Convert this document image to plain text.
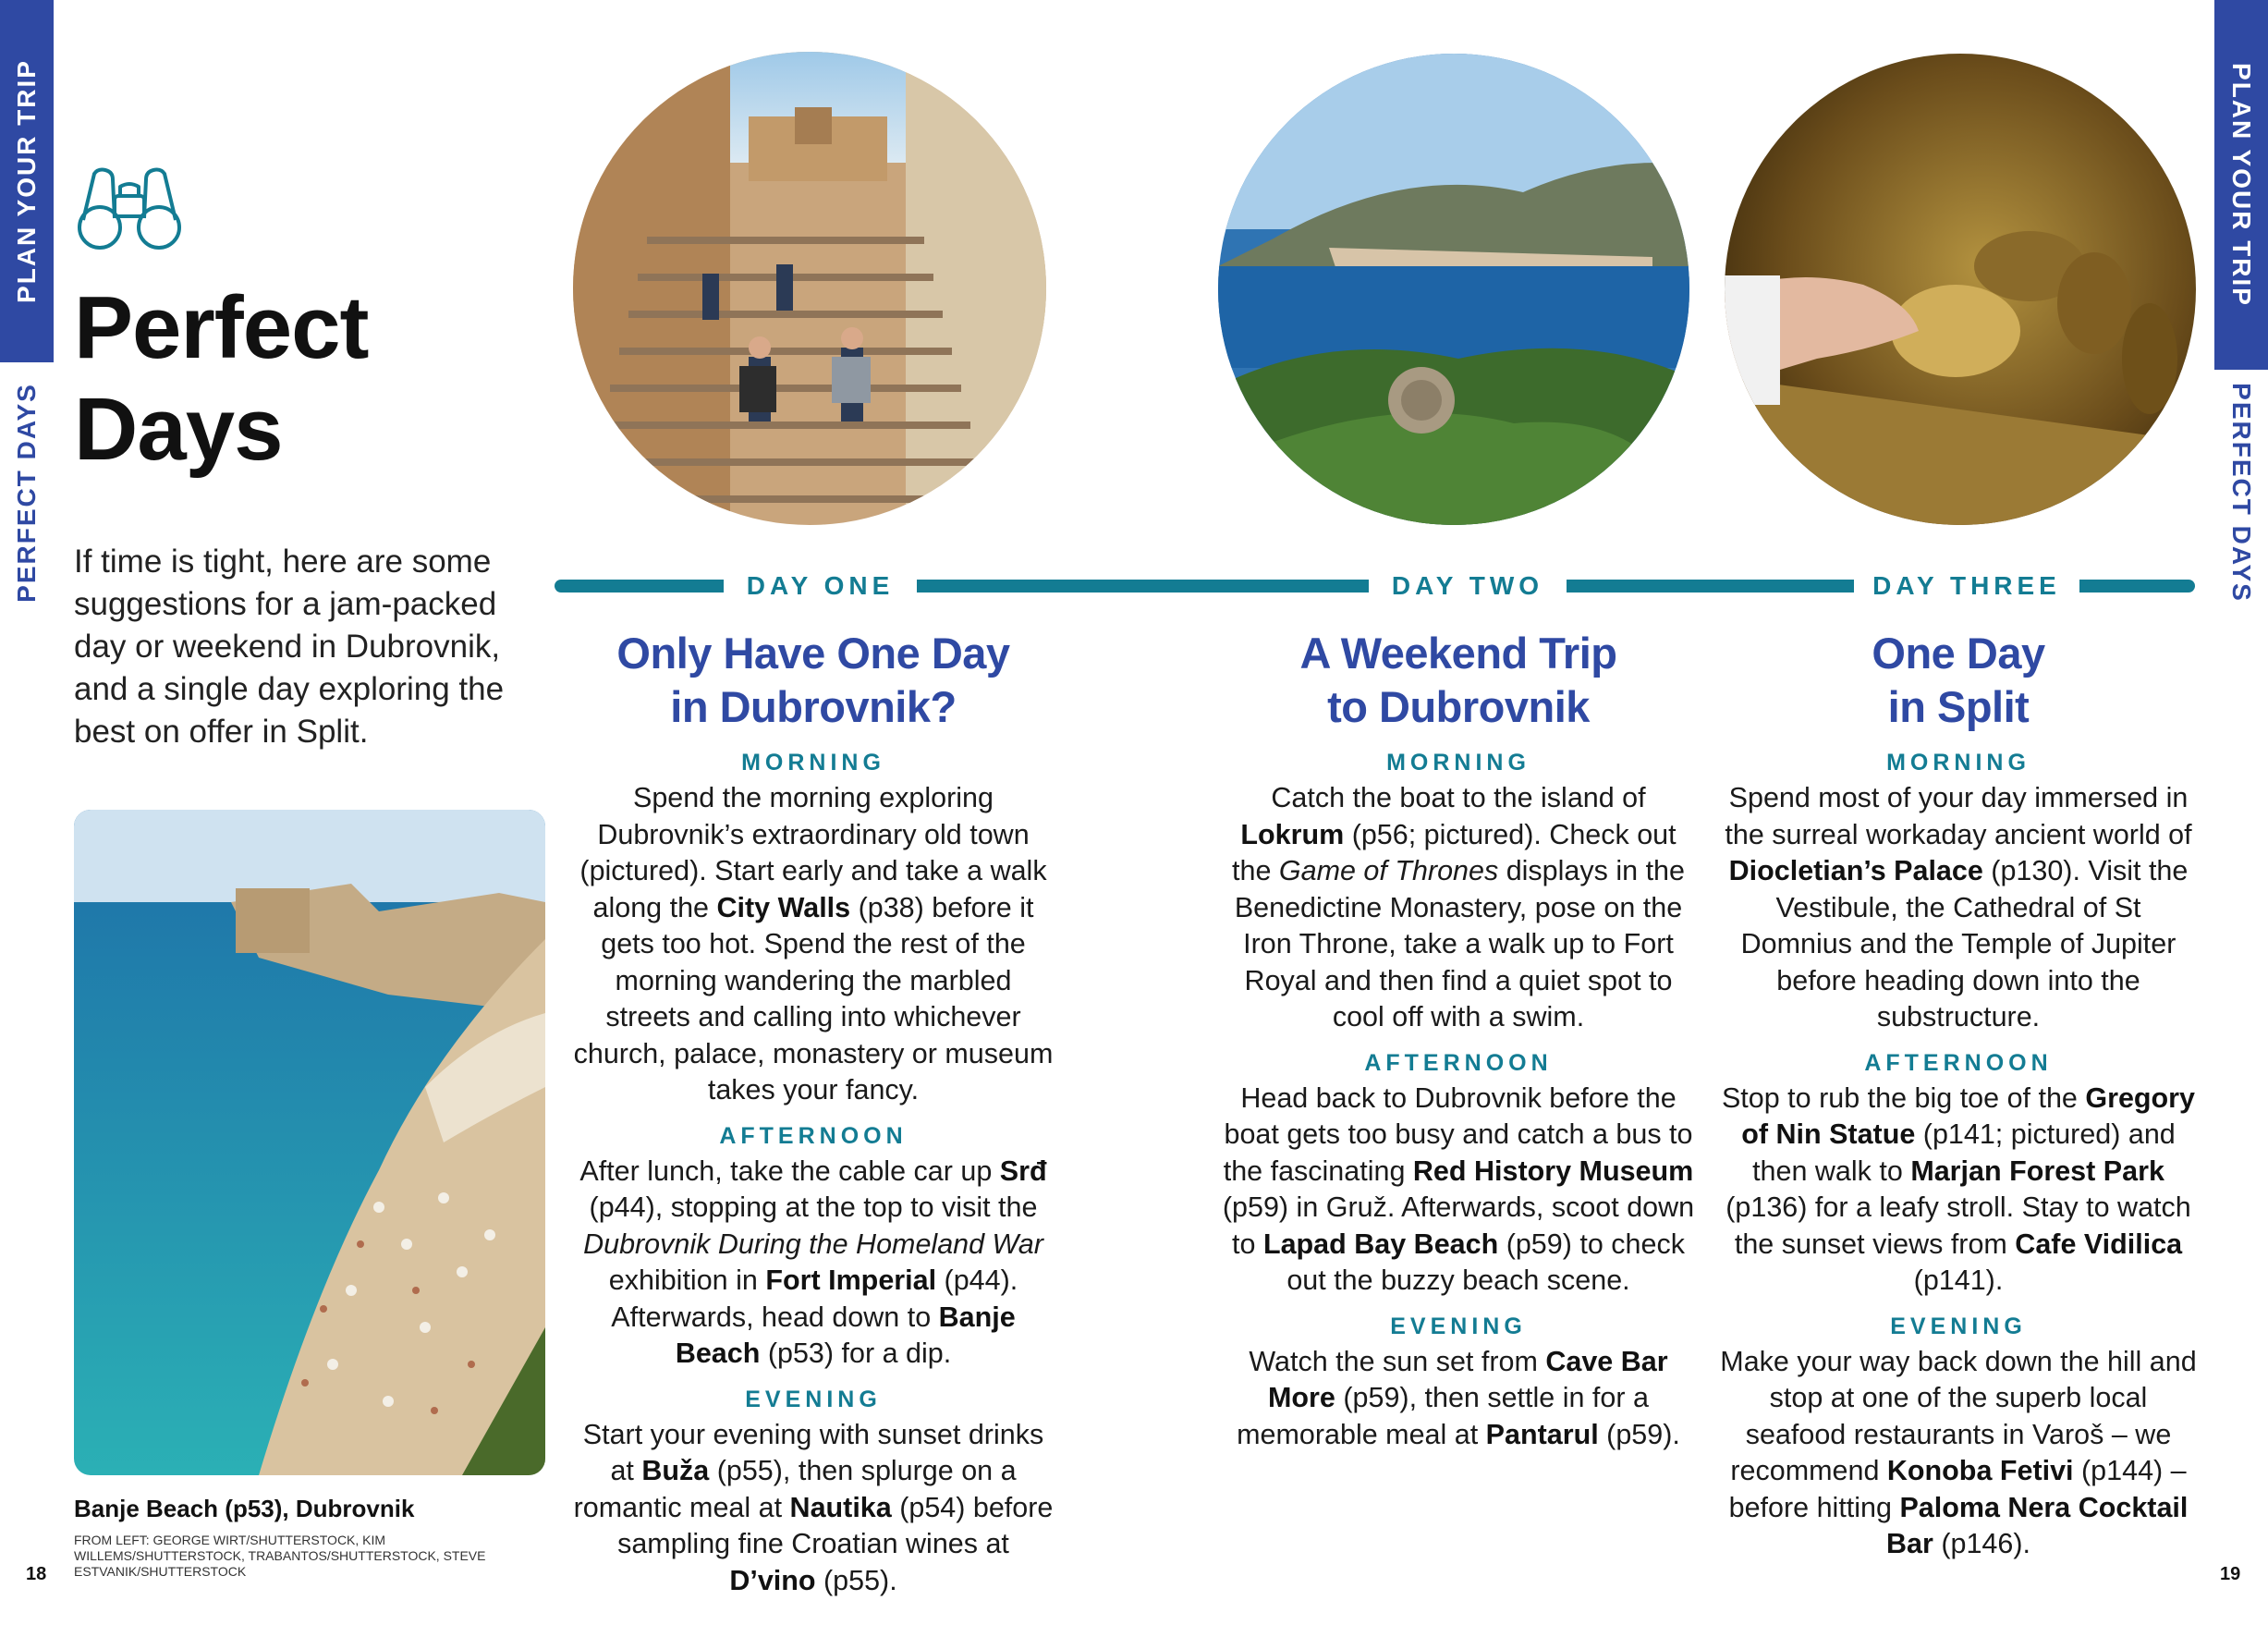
PLAN YOUR TRIP
PERFECT DAYS
PLAN YOUR TRIP
PERFECT DAYS
Perfect
Days
If time is tight, here are some suggestions for a jam-packed day or weekend in Dubrovnik, and a single day exploring the best on offer in Split.
Banje Beach (p53), Dubrovnik
FROM LEFT: GEORGE WIRT/SHUTTERSTOCK, KIM WILLEMS/SHUTTERSTOCK, TRABANTOS/SHUTTERSTOCK, STEVE ESTVANIK/SHUTTERSTOCK
18	19
DAY ONE	DAY TWO	DAY THREE
Only Have One Day
in Dubrovnik?
MORNING

Spend the morning exploring Dubrovnik’s extraordinary old town (pictured). Start early and take a walk along the City Walls (p38) before it gets too hot. Spend the rest of the morning wandering the marbled streets and calling into whichever church, palace, monastery or museum takes your fancy.

AFTERNOON

After lunch, take the cable car up Srđ (p44), stopping at the top to visit the Dubrovnik During the Homeland War exhibition in Fort Imperial (p44). Afterwards, head down to Banje Beach (p53) for a dip.

EVENING

Start your evening with sunset drinks at Buža (p55), then splurge on a romantic meal at Nautika (p54) before sampling fine Croatian wines at D’vino (p55).

A Weekend Trip
to Dubrovnik
MORNING

Catch the boat to the island of Lokrum (p56; pictured). Check out the Game of Thrones displays in the Benedictine Monastery, pose on the Iron Throne, take a walk up to Fort Royal and then find a quiet spot to cool off with a swim.

AFTERNOON

Head back to Dubrovnik before the boat gets too busy and catch a bus to the fascinating Red History Museum (p59) in Gruž. Afterwards, scoot down to Lapad Bay Beach (p59) to check out the buzzy beach scene.

EVENING

Watch the sun set from Cave Bar More (p59), then settle in for a memorable meal at Pantarul (p59).

One Day
in Split
MORNING

Spend most of your day immersed in the surreal workaday ancient world of Diocletian’s Palace (p130). Visit the Vestibule, the Cathedral of St Domnius and the Temple of Jupiter before heading down into the substructure.

AFTERNOON

Stop to rub the big toe of the Gregory of Nin Statue (p141; pictured) and then walk to Marjan Forest Park (p136) for a leafy stroll. Stay to watch the sunset views from Cafe Vidilica (p141).

EVENING

Make your way back down the hill and stop at one of the superb local seafood restaurants in Varoš – we recommend Konoba Fetivi (p144) – before hitting Paloma Nera Cocktail Bar (p146).
